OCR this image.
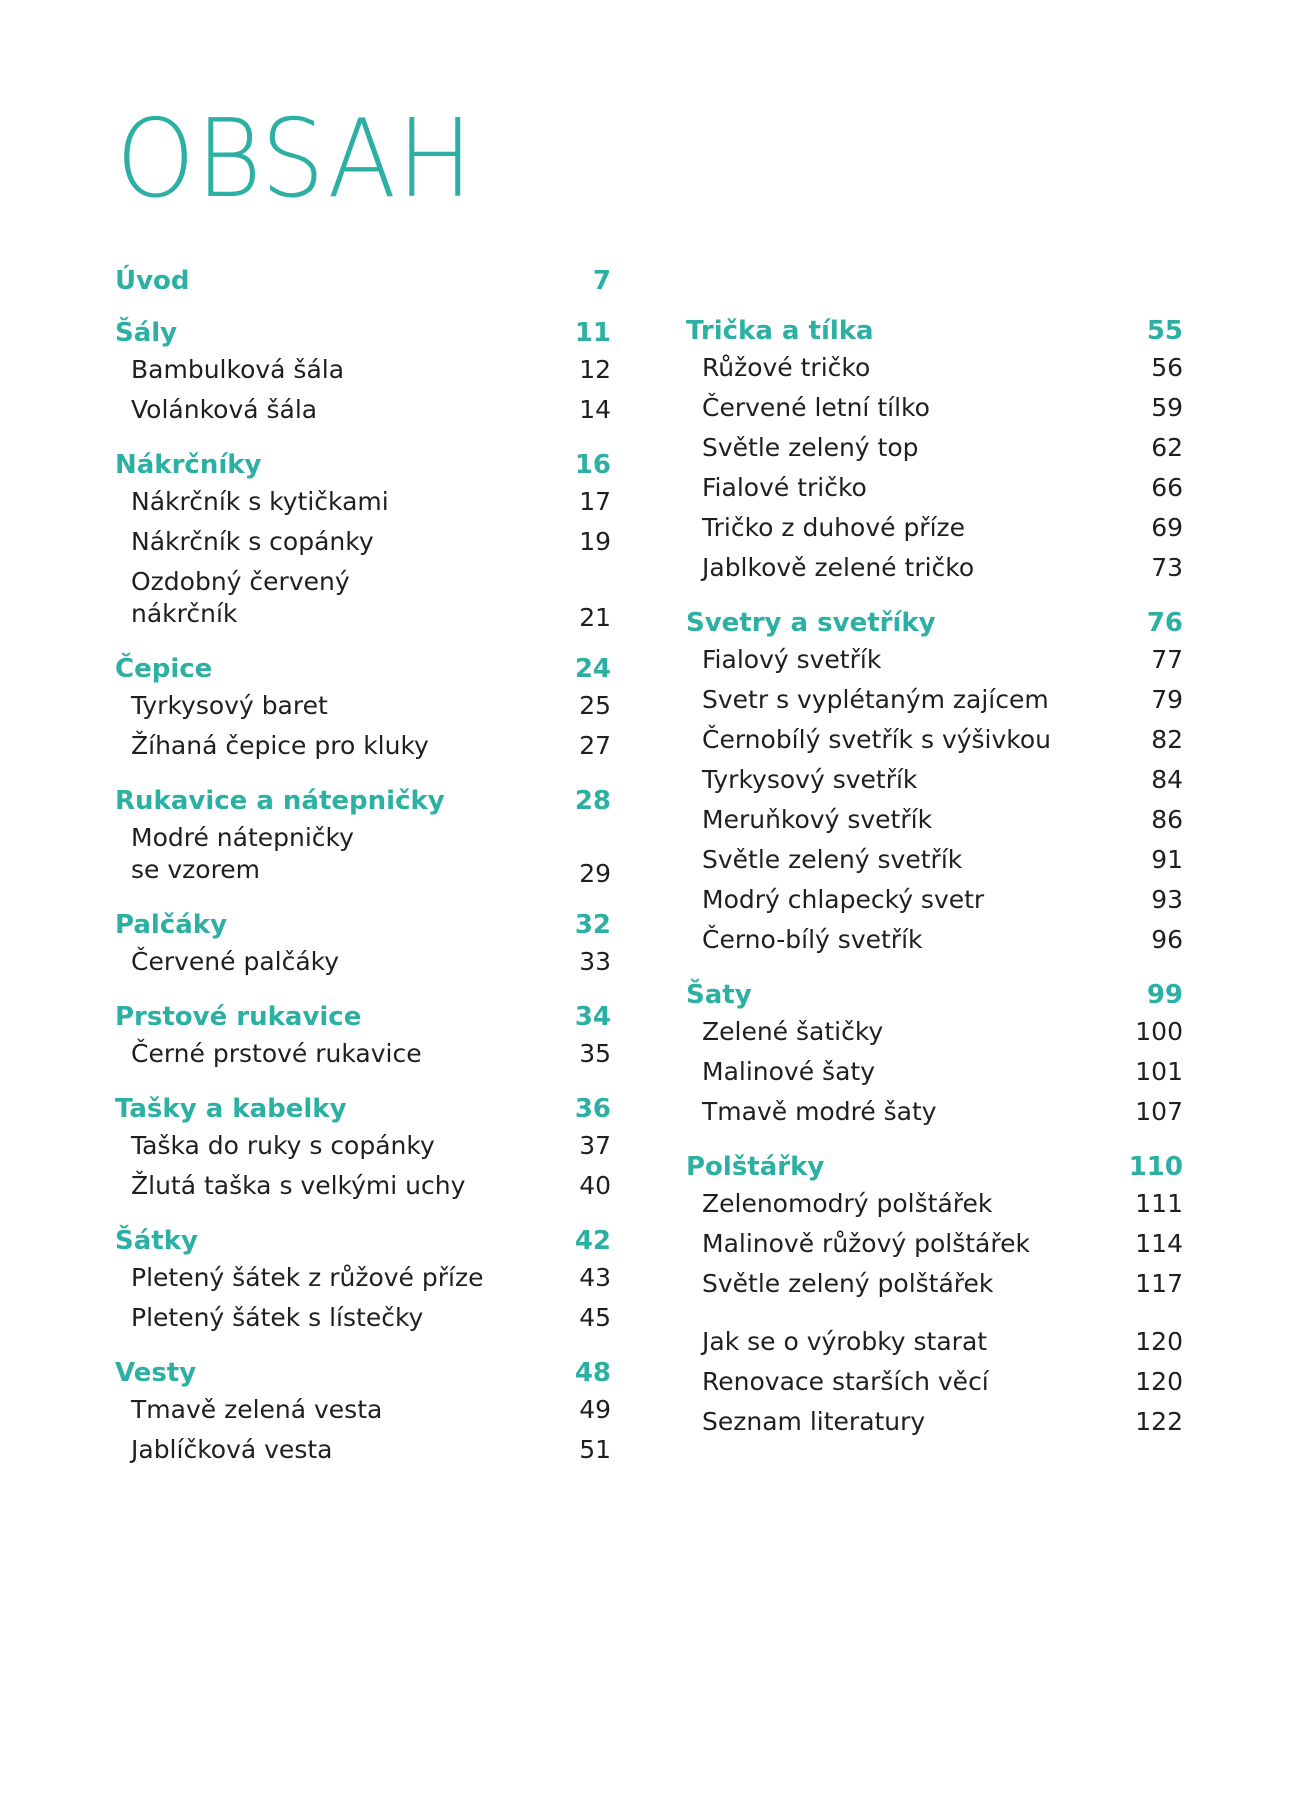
OBSAH
Úvod	7
Šály	11
Bambulková šála	12
Volánková šála	14
Nákrčníky	16
Nákrčník s kytičkami	17
Nákrčník s copánky	19
Ozdobný červený
nákrčník	21
Čepice	24
Tyrkysový baret	25
Žíhaná čepice pro kluky	27
Rukavice a nátepničky	28
Modré nátepničky
se vzorem	29
Palčáky	32
Červené palčáky	33
Prstové rukavice	34
Černé prstové rukavice	35
Tašky a kabelky	36
Taška do ruky s copánky	37
Žlutá taška s velkými uchy	40
Šátky	42
Pletený šátek z růžové příze	43
Pletený šátek s lístečky	45
Vesty	48
Tmavě zelená vesta	49
Jablíčková vesta	51
Trička a tílka	55
Růžové tričko	56
Červené letní tílko	59
Světle zelený top	62
Fialové tričko	66
Tričko z duhové příze	69
Jablkově zelené tričko	73
Svetry a svetříky	76
Fialový svetřík	77
Svetr s vyplétaným zajícem	79
Černobílý svetřík s výšivkou	82
Tyrkysový svetřík	84
Meruňkový svetřík	86
Světle zelený svetřík	91
Modrý chlapecký svetr	93
Černo-bílý svetřík	96
Šaty	99
Zelené šatičky	100
Malinové šaty	101
Tmavě modré šaty	107
Polštářky	110
Zelenomodrý polštářek	111
Malinově růžový polštářek	114
Světle zelený polštářek	117
Jak se o výrobky starat	120
Renovace starších věcí	120
Seznam literatury	122
